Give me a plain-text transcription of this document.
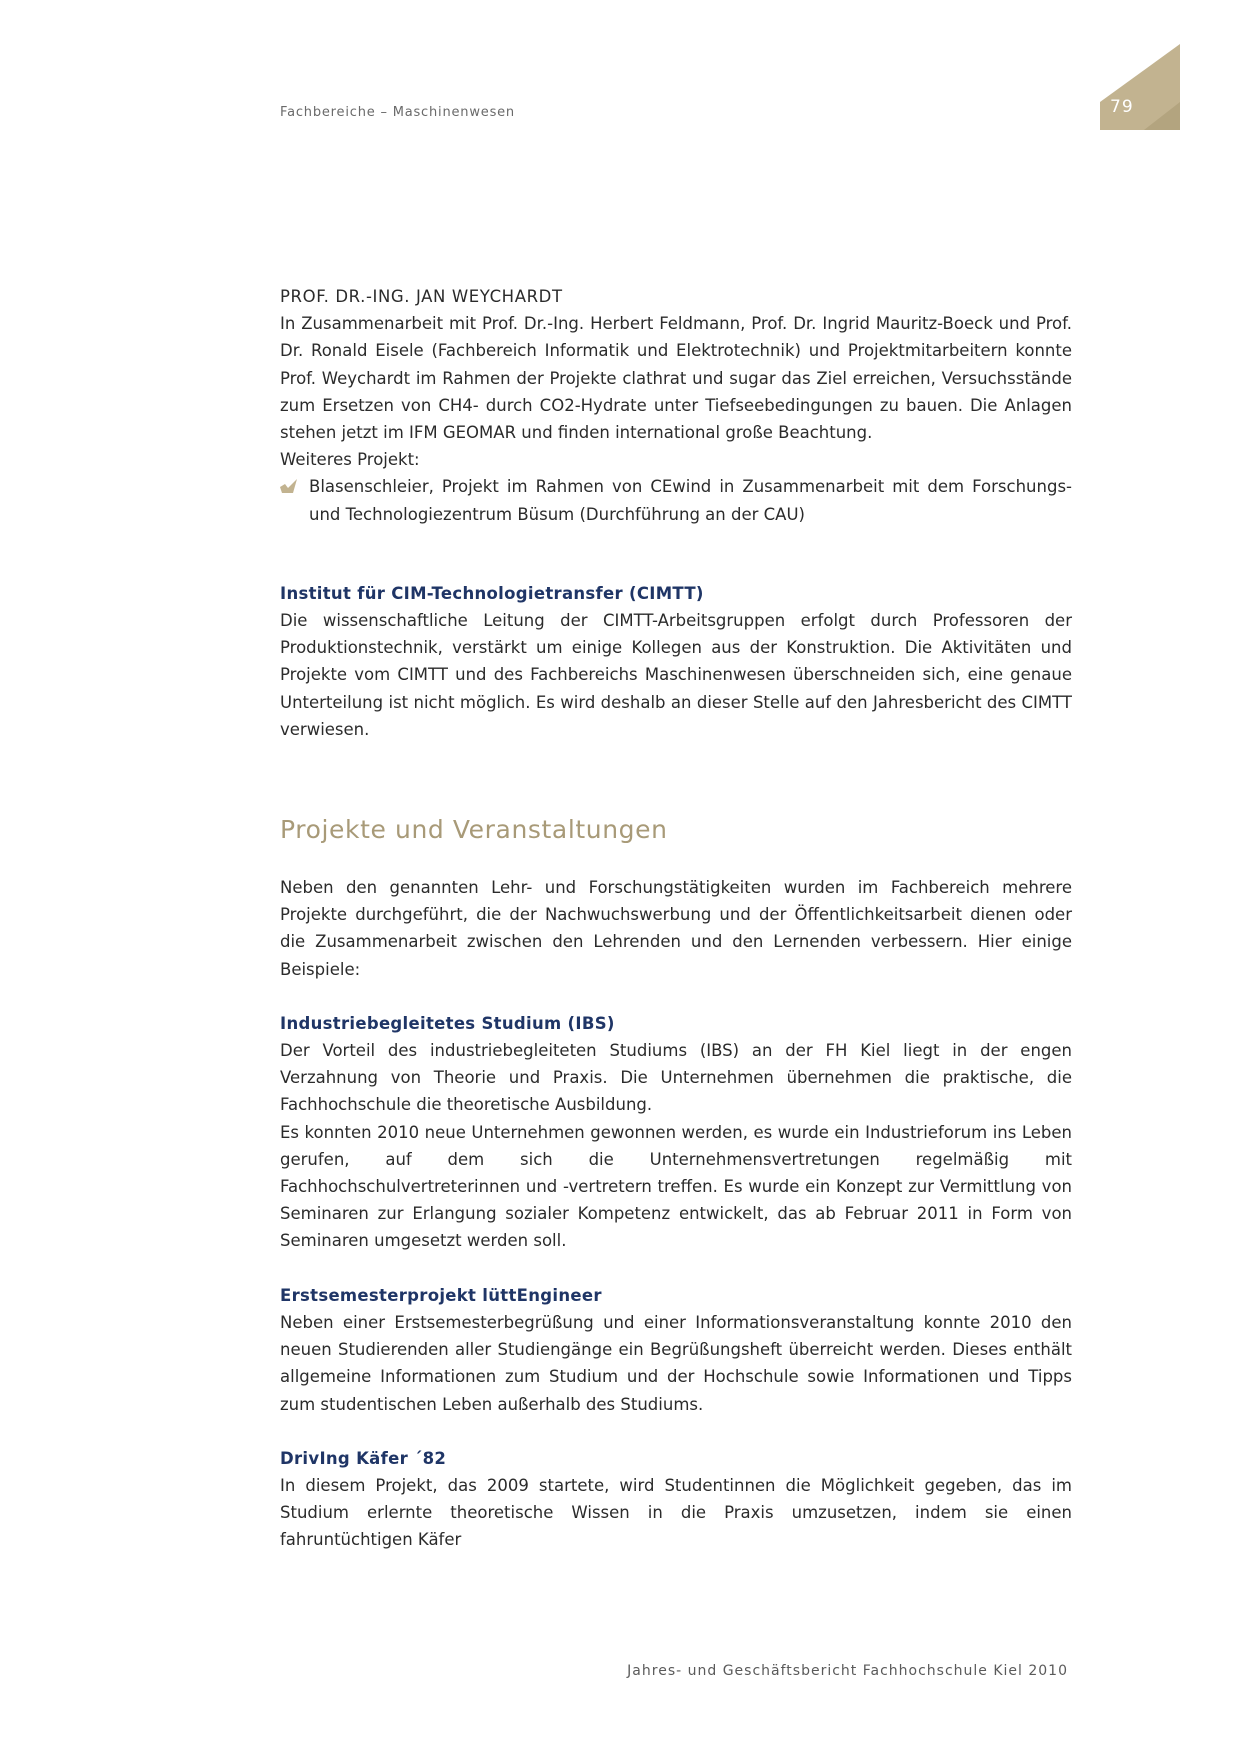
Fachbereiche – Maschinenwesen	79

PROF. DR.-ING. JAN WEYCHARDT

In Zusammenarbeit mit Prof. Dr.-Ing. Herbert Feldmann, Prof. Dr. Ingrid Mauritz-Boeck und Prof. Dr. Ronald Eisele (Fachbereich Informatik und Elektrotechnik) und Projektmitarbeitern konnte Prof. Weychardt im Rahmen der Projekte clathrat und sugar das Ziel erreichen, Versuchsstände zum Ersetzen von CH4- durch CO2-Hydrate unter Tiefseebedingungen zu bauen. Die Anlagen stehen jetzt im IFM GEOMAR und finden international große Beachtung.

Weiteres Projekt:

Blasenschleier, Projekt im Rahmen von CEwind in Zusammenarbeit mit dem Forschungs- und Technologiezentrum Büsum (Durchführung an der CAU)

Institut für CIM-Technologietransfer (CIMTT)

Die wissenschaftliche Leitung der CIMTT-Arbeitsgruppen erfolgt durch Professoren der Produktionstechnik, verstärkt um einige Kollegen aus der Konstruktion. Die Aktivitäten und Projekte vom CIMTT und des Fachbereichs Maschinenwesen überschneiden sich, eine genaue Unterteilung ist nicht möglich. Es wird deshalb an dieser Stelle auf den Jahresbericht des CIMTT verwiesen.

Projekte und Veranstaltungen

Neben den genannten Lehr- und Forschungstätigkeiten wurden im Fachbereich mehrere Projekte durchgeführt, die der Nachwuchswerbung und der Öffentlichkeitsarbeit dienen oder die Zusammenarbeit zwischen den Lehrenden und den Lernenden verbessern. Hier einige Beispiele:

Industriebegleitetes Studium (IBS)

Der Vorteil des industriebegleiteten Studiums (IBS) an der FH Kiel liegt in der engen Verzahnung von Theorie und Praxis. Die Unternehmen übernehmen die praktische, die Fachhochschule die theoretische Ausbildung.

Es konnten 2010 neue Unternehmen gewonnen werden, es wurde ein Industrieforum ins Leben gerufen, auf dem sich die Unternehmensvertretungen regelmäßig mit Fachhochschulvertreterinnen und -vertretern treffen. Es wurde ein Konzept zur Vermittlung von Seminaren zur Erlangung sozialer Kompetenz entwickelt, das ab Februar 2011 in Form von Seminaren umgesetzt werden soll.

Erstsemesterprojekt lüttEngineer

Neben einer Erstsemesterbegrüßung und einer Informationsveranstaltung konnte 2010 den neuen Studierenden aller Studiengänge ein Begrüßungsheft überreicht werden. Dieses enthält allgemeine Informationen zum Studium und der Hochschule sowie Informationen und Tipps zum studentischen Leben außerhalb des Studiums.

DrivIng Käfer ´82

In diesem Projekt, das 2009 startete, wird Studentinnen die Möglichkeit gegeben, das im Studium erlernte theoretische Wissen in die Praxis umzusetzen, indem sie einen fahruntüchtigen Käfer

Jahres- und Geschäftsbericht Fachhochschule Kiel 2010
